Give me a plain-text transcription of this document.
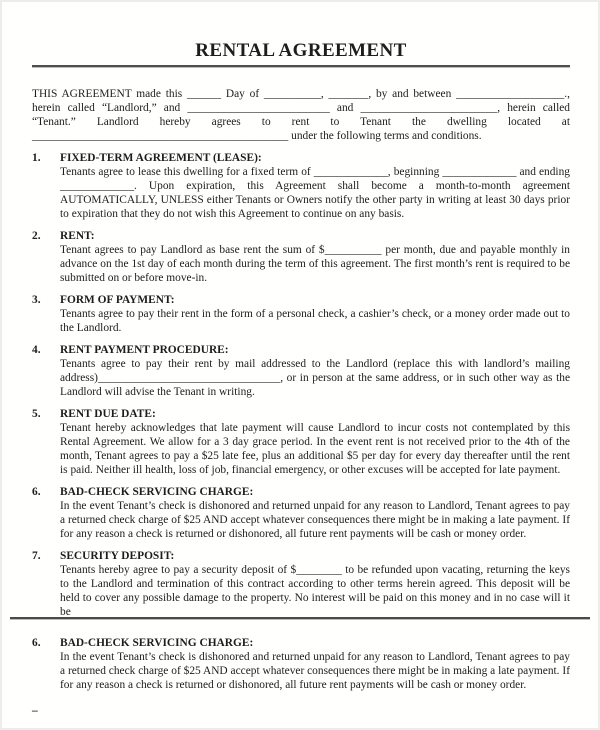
RENTAL AGREEMENT

THIS AGREEMENT made this ______ Day of __________, _______, by and between ___________________., herein called “Landlord,” and _________________________ and ________________________, herein called “Tenant.” Landlord hereby agrees to rent to Tenant the dwelling located at _____________________________________________ under the following terms and conditions.

1.	FIXED-TERM AGREEMENT (LEASE):
Tenants agree to lease this dwelling for a fixed term of _____________, beginning _____________ and ending _____________. Upon expiration, this Agreement shall become a month-to-month agreement AUTOMATICALLY, UNLESS either Tenants or Owners notify the other party in writing at least 30 days prior to expiration that they do not wish this Agreement to continue on any basis.
2.	RENT:
Tenant agrees to pay Landlord as base rent the sum of $__________ per month, due and payable monthly in advance on the 1st day of each month during the term of this agreement. The first month’s rent is required to be submitted on or before move-in.
3.	FORM OF PAYMENT:
Tenants agree to pay their rent in the form of a personal check, a cashier’s check, or a money order made out to the Landlord.
4.	RENT PAYMENT PROCEDURE:
Tenants agree to pay their rent by mail addressed to the Landlord (replace this with landlord’s mailing address)________________________________, or in person at the same address, or in such other way as the Landlord will advise the Tenant in writing.
5.	RENT DUE DATE:
Tenant hereby acknowledges that late payment will cause Landlord to incur costs not contemplated by this Rental Agreement. We allow for a 3 day grace period. In the event rent is not received prior to the 4th of the month, Tenant agrees to pay a $25 late fee, plus an additional $5 per day for every day thereafter until the rent is paid. Neither ill health, loss of job, financial emergency, or other excuses will be accepted for late payment.
6.	BAD-CHECK SERVICING CHARGE:
In the event Tenant’s check is dishonored and returned unpaid for any reason to Landlord, Tenant agrees to pay a returned check charge of $25 AND accept whatever consequences there might be in making a late payment. If for any reason a check is returned or dishonored, all future rent payments will be cash or money order.
7.	SECURITY DEPOSIT:
Tenants hereby agree to pay a security deposit of $________ to be refunded upon vacating, returning the keys to the Landlord and termination of this contract according to other terms herein agreed. This deposit will be held to cover any possible damage to the property. No interest will be paid on this money and in no case will it be
6.	BAD-CHECK SERVICING CHARGE:
In the event Tenant’s check is dishonored and returned unpaid for any reason to Landlord, Tenant agrees to pay a returned check charge of $25 AND accept whatever consequences there might be in making a late payment. If for any reason a check is returned or dishonored, all future rent payments will be cash or money order.
–
